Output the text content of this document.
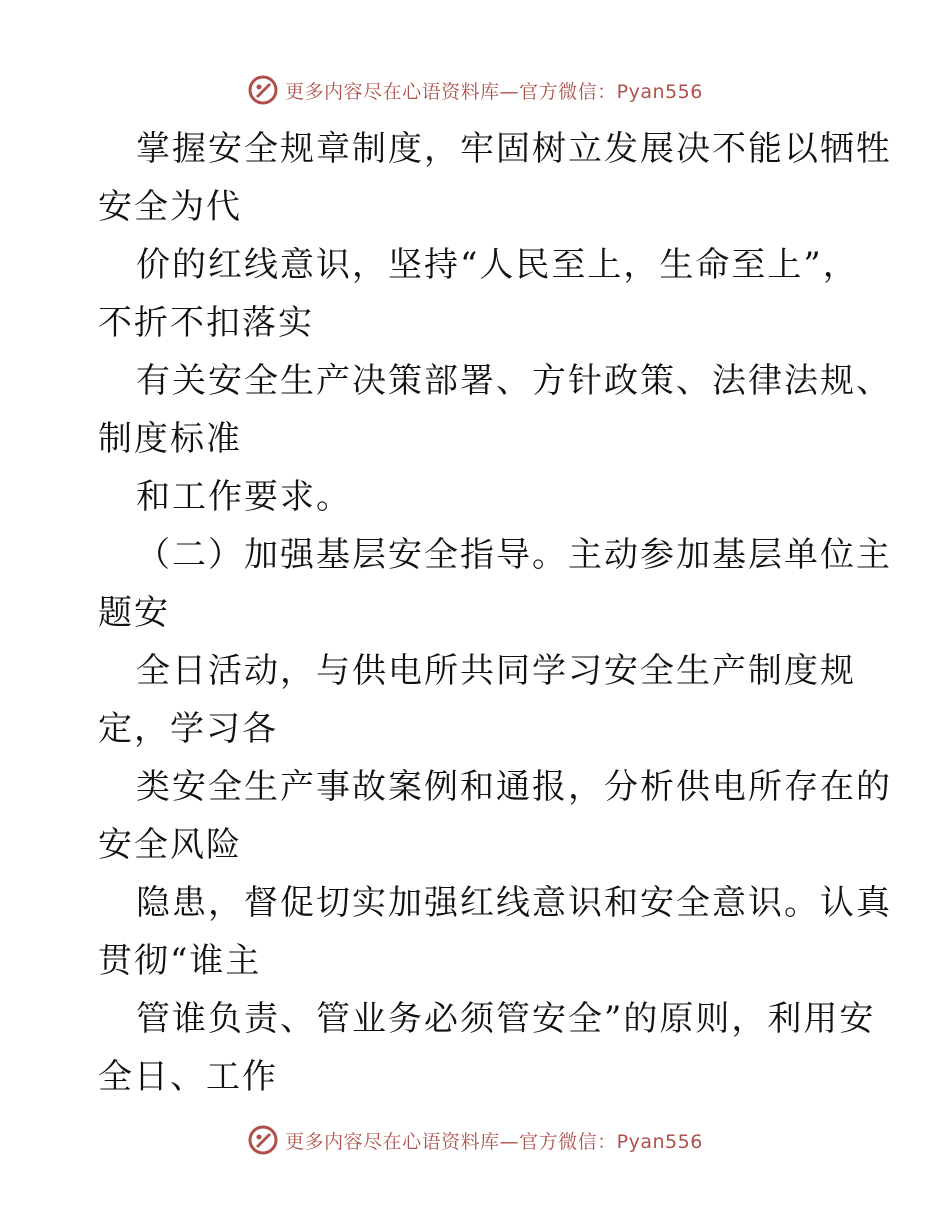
更多内容尽在心语资料库—官方微信：Pyan556
掌握安全规章制度，牢固树立发展决不能以牺牲
安全为代
价的红线意识，坚持“人民至上，生命至上”，
不折不扣落实
有关安全生产决策部署、方针政策、法律法规、
制度标准
和工作要求。
（二）加强基层安全指导。主动参加基层单位主
题安
全日活动，与供电所共同学习安全生产制度规
定，学习各
类安全生产事故案例和通报，分析供电所存在的
安全风险
隐患，督促切实加强红线意识和安全意识。认真
贯彻“谁主
管谁负责、管业务必须管安全”的原则，利用安
全日、工作
更多内容尽在心语资料库—官方微信：Pyan556
